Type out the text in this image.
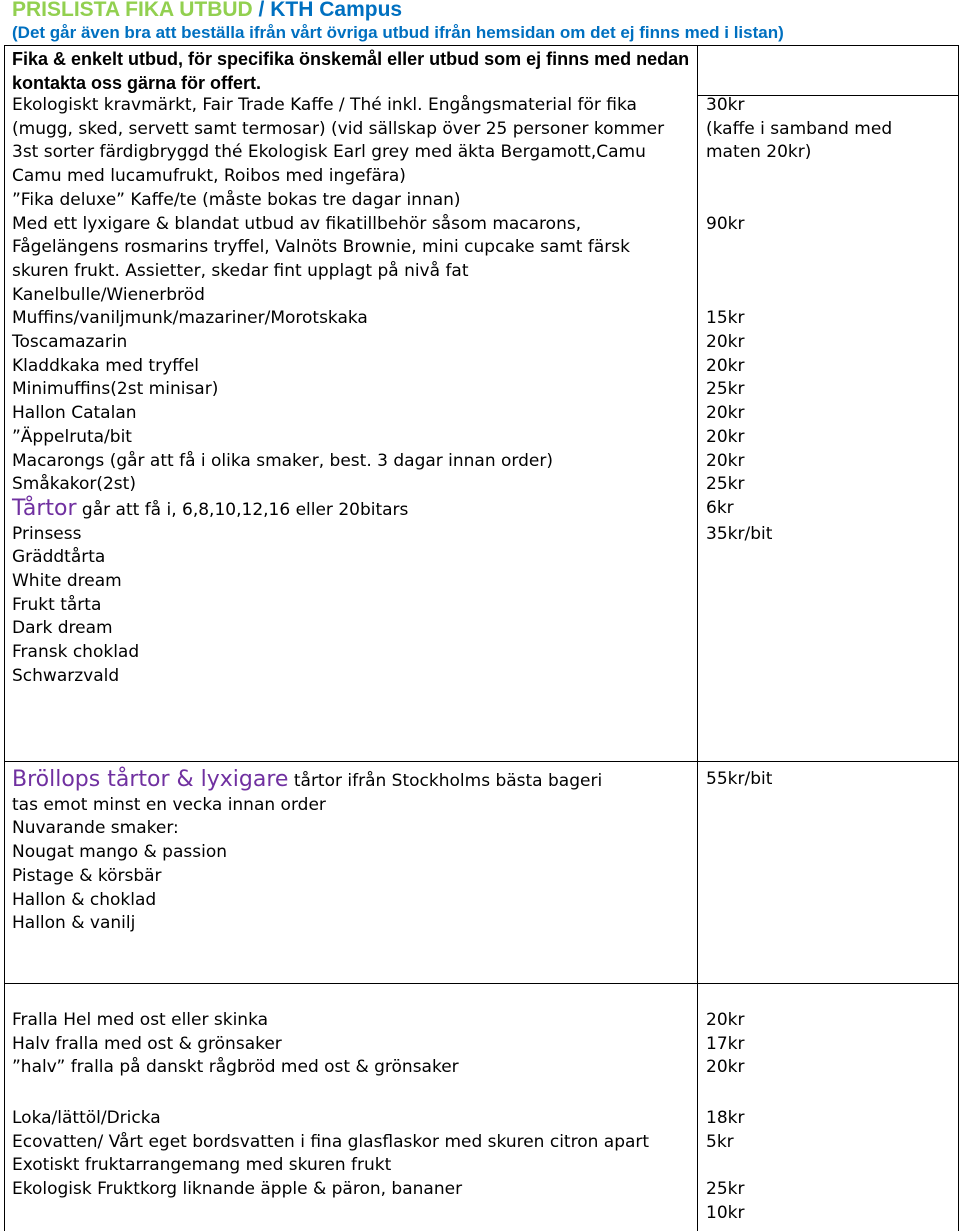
PRISLISTA FIKA UTBUD / KTH Campus
(Det går även bra att beställa ifrån vårt övriga utbud ifrån hemsidan om det ej finns med i listan)
Fika & enkelt utbud, för specifika önskemål eller utbud som ej finns med nedan kontakta oss gärna för offert.
Ekologiskt kravmärkt, Fair Trade Kaffe / Thé inkl. Engångsmaterial för fika (mugg, sked, servett samt termosar) (vid sällskap över 25 personer kommer 3st sorter färdigbryggd thé Ekologisk Earl grey med äkta Bergamott,Camu Camu med lucamufrukt, Roibos med ingefära)
”Fika deluxe” Kaffe/te (måste bokas tre dagar innan)
Med ett lyxigare & blandat utbud av fikatillbehör såsom macarons, Fågelängens rosmarins tryffel, Valnöts Brownie, mini cupcake samt färsk skuren frukt. Assietter, skedar fint upplagt på nivå fat
Kanelbulle/Wienerbröd
Muffins/vaniljmunk/mazariner/Morotskaka
Toscamazarin
Kladdkaka med tryffel
Minimuffins(2st minisar)
Hallon Catalan
”Äppelruta/bit
Macarongs (går att få i olika smaker, best. 3 dagar innan order)
Småkakor(2st)
Tårtor går att få i, 6,8,10,12,16 eller 20bitars
Prinsess
Gräddtårta
White dream
Frukt tårta
Dark dream
Fransk choklad
Schwarzvald
30kr
(kaffe i samband med maten 20kr)
90kr
15kr
20kr
20kr
25kr
20kr
20kr
20kr
25kr
6kr
35kr/bit
Bröllops tårtor & lyxigare tårtor ifrån Stockholms bästa bageri
tas emot minst en vecka innan order
Nuvarande smaker:
Nougat mango & passion
Pistage & körsbär
Hallon & choklad
Hallon & vanilj
55kr/bit
Fralla Hel med ost eller skinka
Halv fralla med ost & grönsaker
”halv” fralla på danskt rågbröd med ost & grönsaker
20kr
17kr
20kr
Loka/lättöl/Dricka
Ecovatten/ Vårt eget bordsvatten i fina glasflaskor med skuren citron apart
Exotiskt fruktarrangemang med skuren frukt
Ekologisk Fruktkorg liknande äpple & päron, bananer
18kr
5kr
25kr
10kr
